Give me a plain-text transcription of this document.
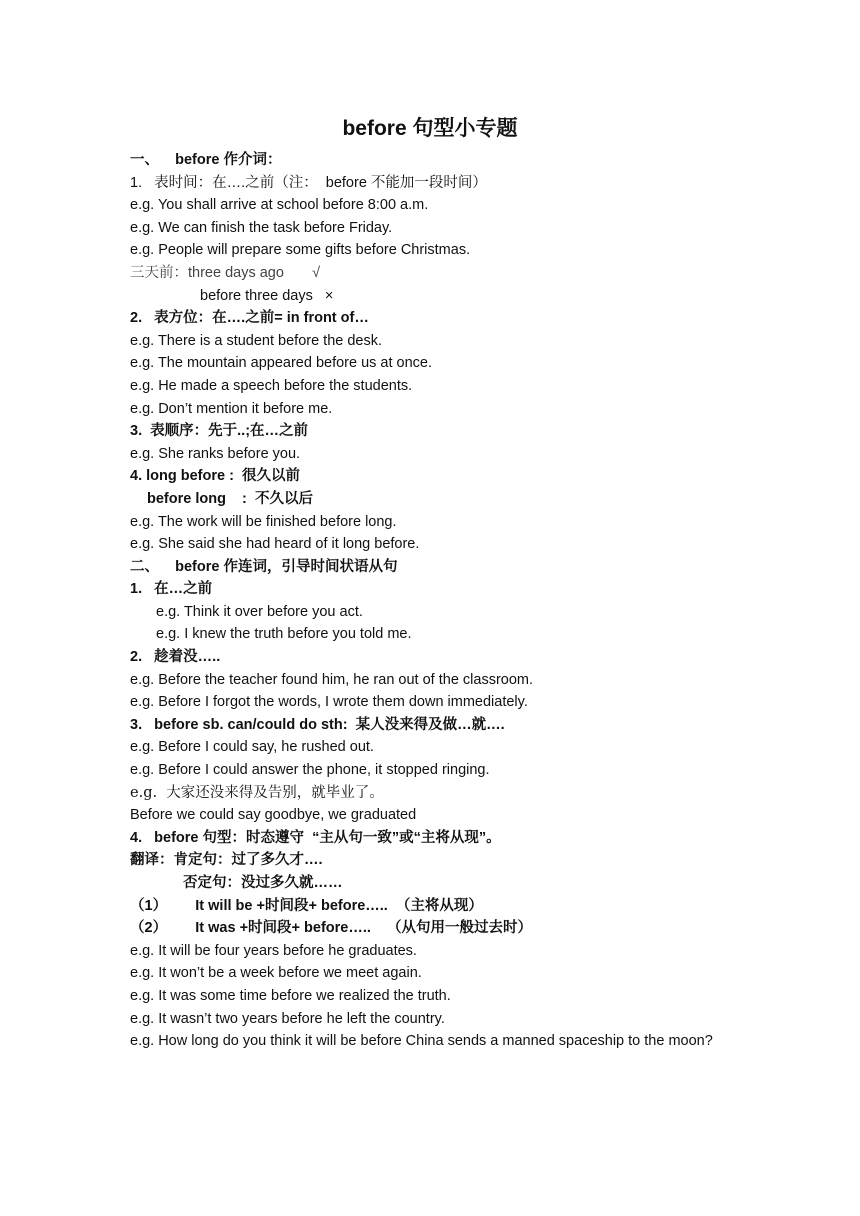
before 句型小专题
一、    before 作介词：
1.   表时间：在….之前（注：  before 不能加一段时间）
e.g. You shall arrive at school before 8:00 a.m.
e.g. We can finish the task before Friday.
e.g. People will prepare some gifts before Christmas.
三天前：three days ago       √
before three days   ×
2.   表方位：在….之前= in front of…
e.g. There is a student before the desk.
e.g. The mountain appeared before us at once.
e.g. He made a speech before the students.
e.g. Don’t mention it before me.
3.  表顺序：先于..;在…之前
e.g. She ranks before you.
4. long before :  很久以前
before long    :  不久以后
e.g. The work will be finished before long.
e.g. She said she had heard of it long before.
二、    before 作连词，引导时间状语从句
1.   在…之前
e.g. Think it over before you act.
e.g. I knew the truth before you told me.
2.   趁着没…..
e.g. Before the teacher found him, he ran out of the classroom.
e.g. Before I forgot the words, I wrote them down immediately.
3.   before sb. can/could do sth:  某人没来得及做…就….
e.g. Before I could say, he rushed out.
e.g. Before I could answer the phone, it stopped ringing.
e.g.  大家还没来得及告别，就毕业了。
Before we could say goodbye, we graduated
4.   before 句型：时态遵守  “主从句一致”或“主将从现”。
翻译：肯定句：过了多久才….
否定句：没过多久就……
（1）       It will be +时间段+ before…..  （主将从现）
（2）       It was +时间段+ before…..    （从句用一般过去时）
e.g. It will be four years before he graduates.
e.g. It won’t be a week before we meet again.
e.g. It was some time before we realized the truth.
e.g. It wasn’t two years before he left the country.
e.g. How long do you think it will be before China sends a manned spaceship to the moon?
